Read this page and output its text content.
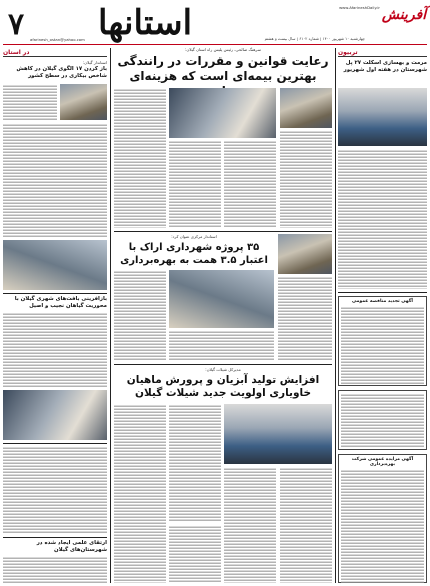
۷ afarinesh_ostan@yahoo.com استانها	چهارشنبه ۱۰ شهریور ۱۴۰۰ | شماره ۶۱۰۲ | سال بیست و هشتم
www.AfarineshDaily.ir آفرینش
در استان
استاندار گیلان:
باز کردن ۱۷ الگوی گیلان در کاهش شاخص بیکاری در سطح کشور
بازافرینی بافت‌های شهری گیلان با محوریت گیاهان نجیب و اصیل
ارتقای علمی ایجاد شده در شهرستان‌های گیلان
سرهنگ صالحی، رئیس پلیس راه استان گیلان:
رعایت قوانین و مقررات در رانندگی بهترین بیمه‌ای است که هزینه‌ای
استاندار مرکزی عنوان کرد:
۳۵ پروژه شهرداری اراک با اعتبار ۳.۵ همت به بهره‌برداری
مدیرکل شیلات گیلان:
افزایش تولید آبزیان و پرورش ماهیان خاویاری اولویت جدید شیلات گیلان
تربیون
مرمت و بهسازی اسکلت ۲۷ پل شهرستان در هفته اول شهریور
آگهی تجدید مناقصه عمومی
آگهی مزایده عمومی شرکت بهره‌برداری
